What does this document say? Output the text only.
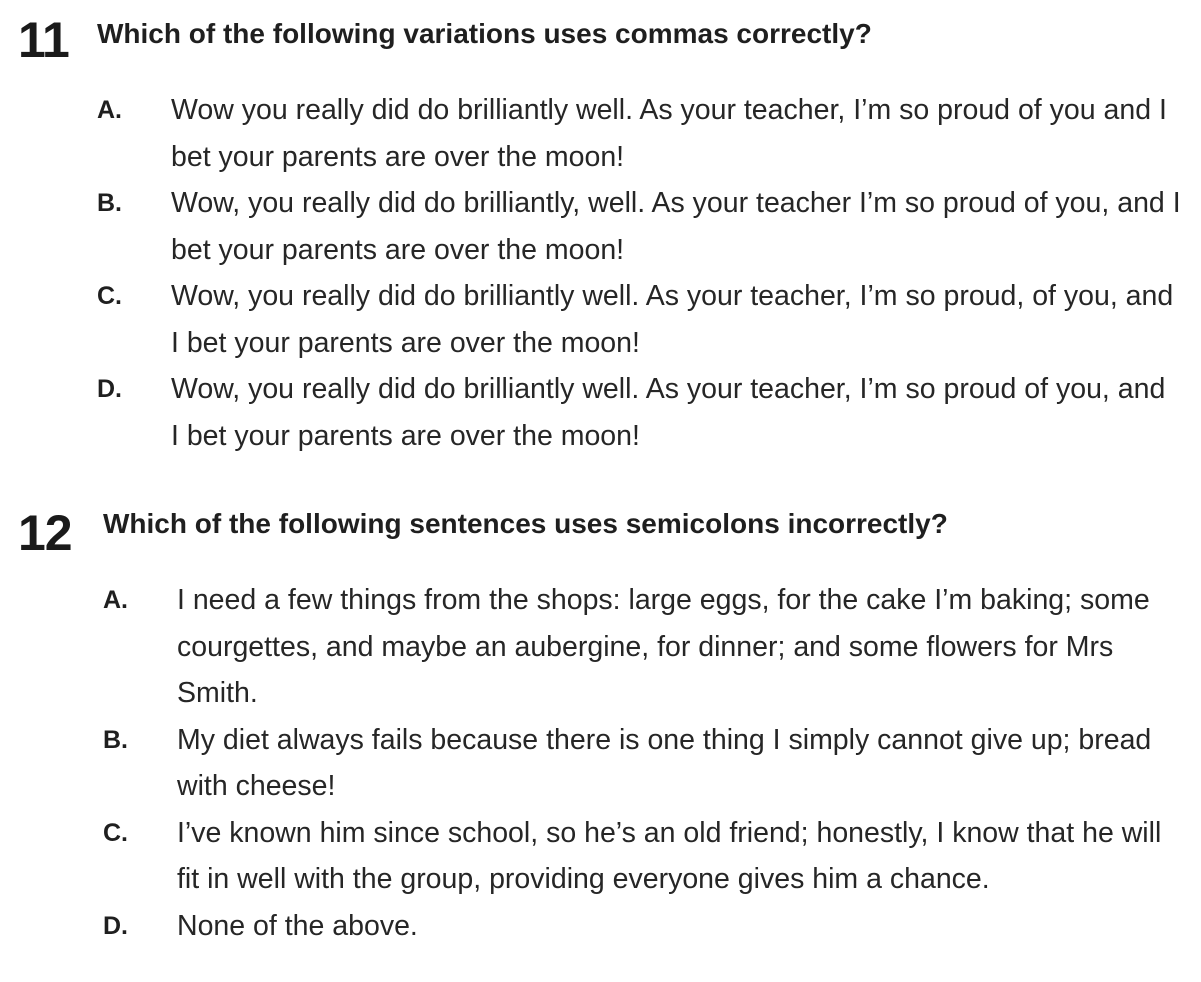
11 Which of the following variations uses commas correctly?
A. Wow you really did do brilliantly well. As your teacher, I’m so proud of you and I bet your parents are over the moon!
B. Wow, you really did do brilliantly, well. As your teacher I’m so proud of you, and I bet your parents are over the moon!
C. Wow, you really did do brilliantly well. As your teacher, I’m so proud, of you, and I bet your parents are over the moon!
D. Wow, you really did do brilliantly well. As your teacher, I’m so proud of you, and I bet your parents are over the moon!
12 Which of the following sentences uses semicolons incorrectly?
A. I need a few things from the shops: large eggs, for the cake I’m baking; some courgettes, and maybe an aubergine, for dinner; and some flowers for Mrs Smith.
B. My diet always fails because there is one thing I simply cannot give up; bread with cheese!
C. I’ve known him since school, so he’s an old friend; honestly, I know that he will fit in well with the group, providing everyone gives him a chance.
D. None of the above.
